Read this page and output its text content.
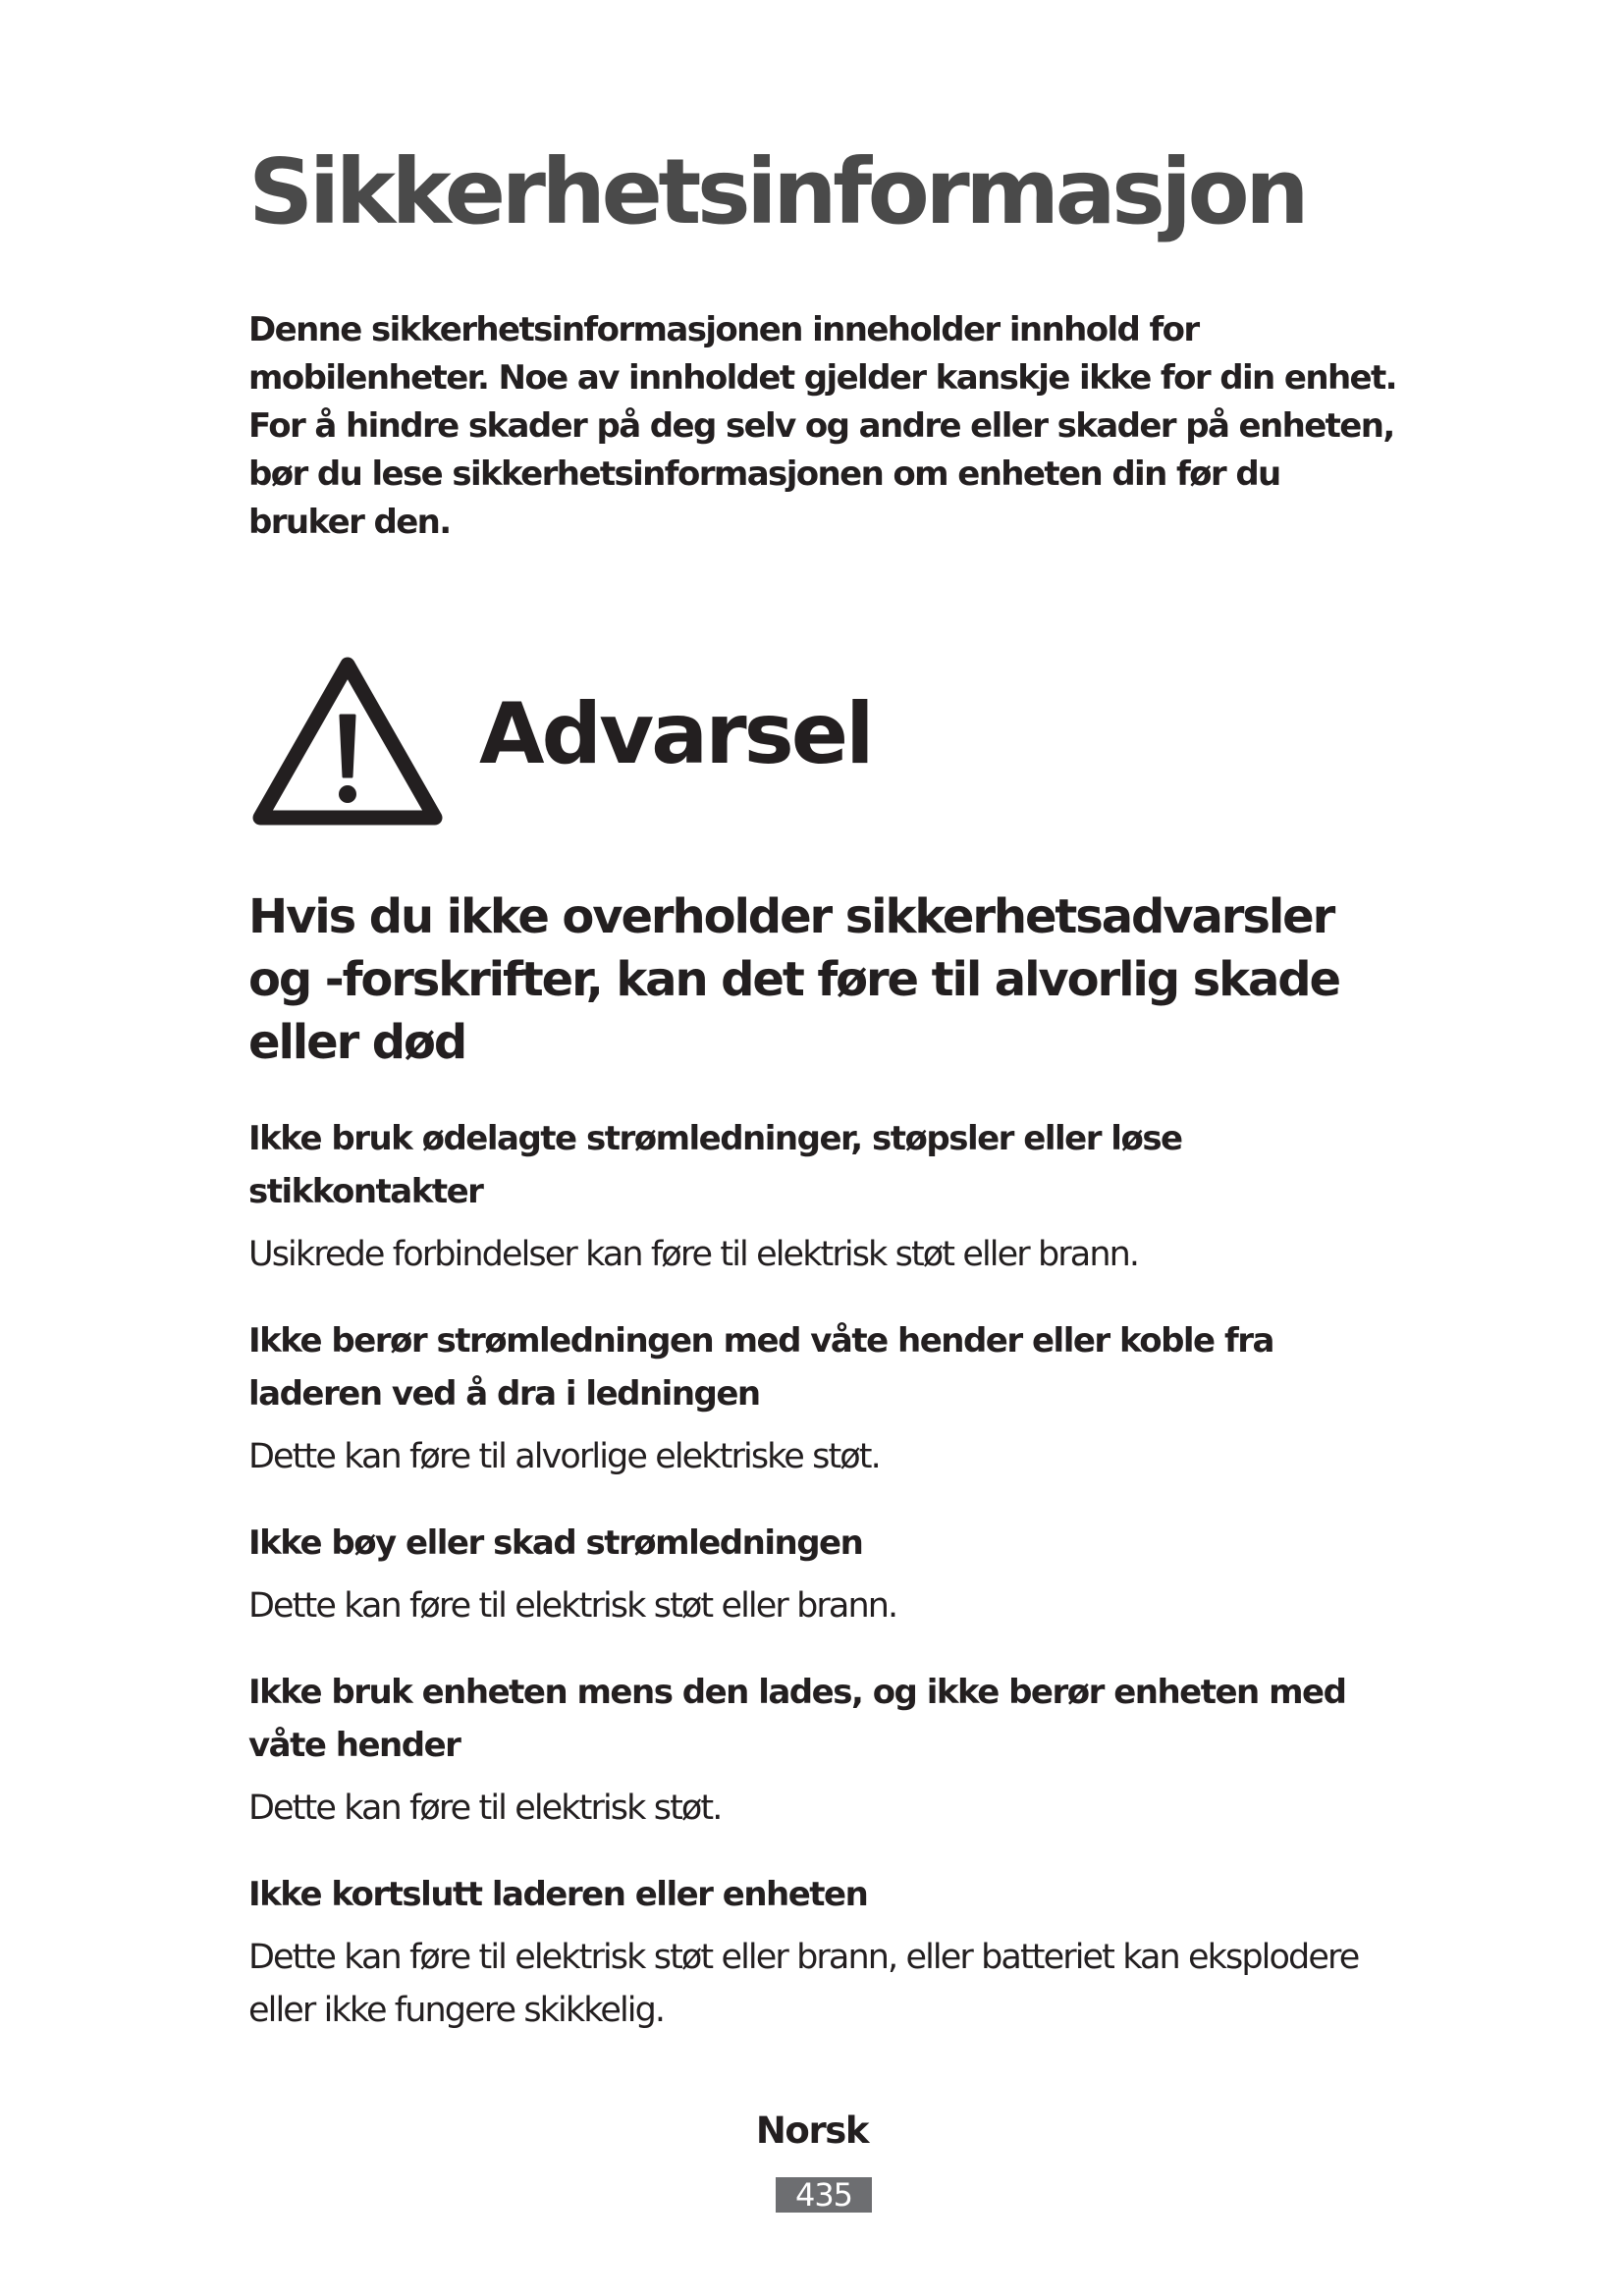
Sikkerhetsinformasjon

Denne sikkerhetsinformasjonen inneholder innhold for mobilenheter. Noe av innholdet gjelder kanskje ikke for din enhet. For å hindre skader på deg selv og andre eller skader på enheten, bør du lese sikkerhetsinformasjonen om enheten din før du bruker den.

Advarsel

Hvis du ikke overholder sikkerhetsadvarsler og -forskrifter, kan det føre til alvorlig skade eller død

Ikke bruk ødelagte strømledninger, støpsler eller løse stikkontakter

Usikrede forbindelser kan føre til elektrisk støt eller brann.

Ikke berør strømledningen med våte hender eller koble fra laderen ved å dra i ledningen

Dette kan føre til alvorlige elektriske støt.

Ikke bøy eller skad strømledningen

Dette kan føre til elektrisk støt eller brann.

Ikke bruk enheten mens den lades, og ikke berør enheten med våte hender

Dette kan føre til elektrisk støt.

Ikke kortslutt laderen eller enheten

Dette kan føre til elektrisk støt eller brann, eller batteriet kan eksplodere eller ikke fungere skikkelig.

Norsk
435
